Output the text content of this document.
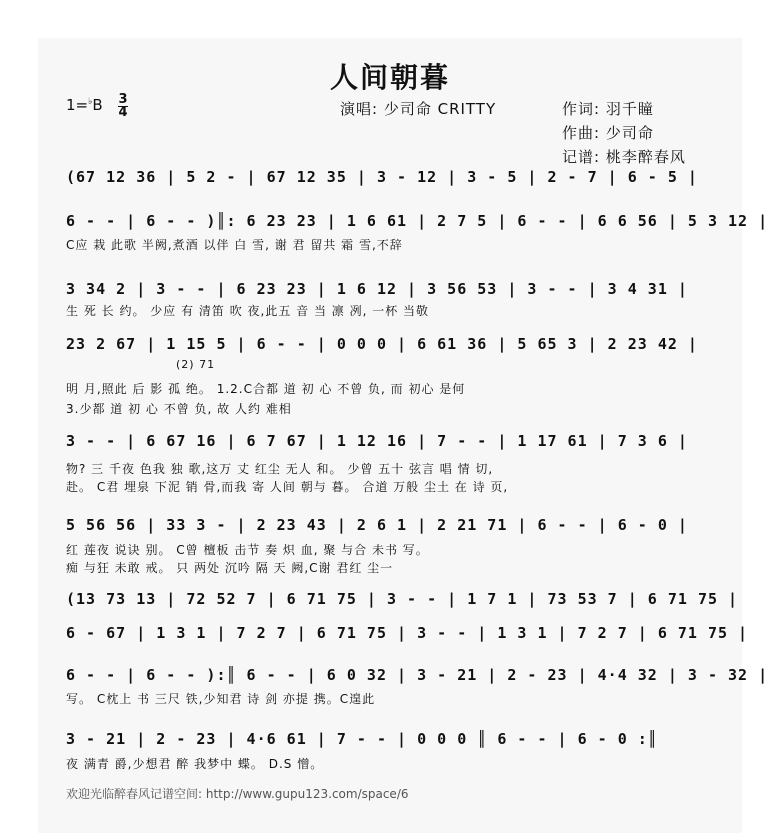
人间朝暮
1=♭B 3
4	演唱: 少司命 CRITTY	作词: 羽千瞳
作曲: 少司命
记谱: 桃李醉春风
(67 12 36 | 5 2 - | 67 12 35 | 3 - 12 | 3 - 5 | 2 - 7 | 6 - 5 |
6 - - | 6 - - )║: 6 23 23 | 1 6 61 | 2 7 5 | 6 - - | 6 6 56 | 5 3 12 |
C应 栽 此歌 半阙,煮酒 以伴 白 雪, 谢 君 留共 霜 雪,不辞
3 34 2 | 3 - - | 6 23 23 | 1 6 12 | 3 56 53 | 3 - - | 3 4 31 |
生 死 长 约。 少应 有 清笛 吹 夜,此五 音 当 凛 冽, 一杯 当敬
23 2 67 | 1 15 5 | 6 - - | 0 0 0 | 6 61 36 | 5 65 3 | 2 23 42 |
(2) 71
明 月,照此 后 影 孤 绝。 1.2.C合都 道 初 心 不曾 负, 而 初心 是何
3.少都 道 初 心 不曾 负, 故 人约 难相
3 - - | 6 67 16 | 6 7 67 | 1 12 16 | 7 - - | 1 17 61 | 7 3 6 |
物? 三 千夜 色我 独 歌,这万 丈 红尘 无人 和。 少曾 五十 弦言 唱 情 切,
赴。 C君 埋泉 下泥 销 骨,而我 寄 人间 朝与 暮。 合道 万般 尘土 在 诗 页,
5 56 56 | 33 3 - | 2 23 43 | 2 6 1 | 2 21 71 | 6 - - | 6 - 0 |
红 莲夜 说诀 别。 C曾 檀板 击节 奏 炽 血, 聚 与合 未书 写。
痴 与狂 未敢 戒。 只 两处 沉吟 隔 天 阙,C谢 君红 尘一
(13 73 13 | 72 52 7 | 6 71 75 | 3 - - | 1 7 1 | 73 53 7 | 6 71 75 |
6 - 67 | 1 3 1 | 7 2 7 | 6 71 75 | 3 - - | 1 3 1 | 7 2 7 | 6 71 75 |
6 - - | 6 - - ):║ 6 - - | 6 0 32 | 3 - 21 | 2 - 23 | 4·4 32 | 3 - 32 |
写。 C枕上 书 三尺 铁,少知君 诗 剑 亦提 携。C遑此
3 - 21 | 2 - 23 | 4·6 61 | 7 - - | 0 0 0 ║ 6 - - | 6 - 0 :║
夜 满青 爵,少想君 醉 我梦中 蝶。 D.S 憎。
欢迎光临醉春风记谱空间: http://www.gupu123.com/space/6
